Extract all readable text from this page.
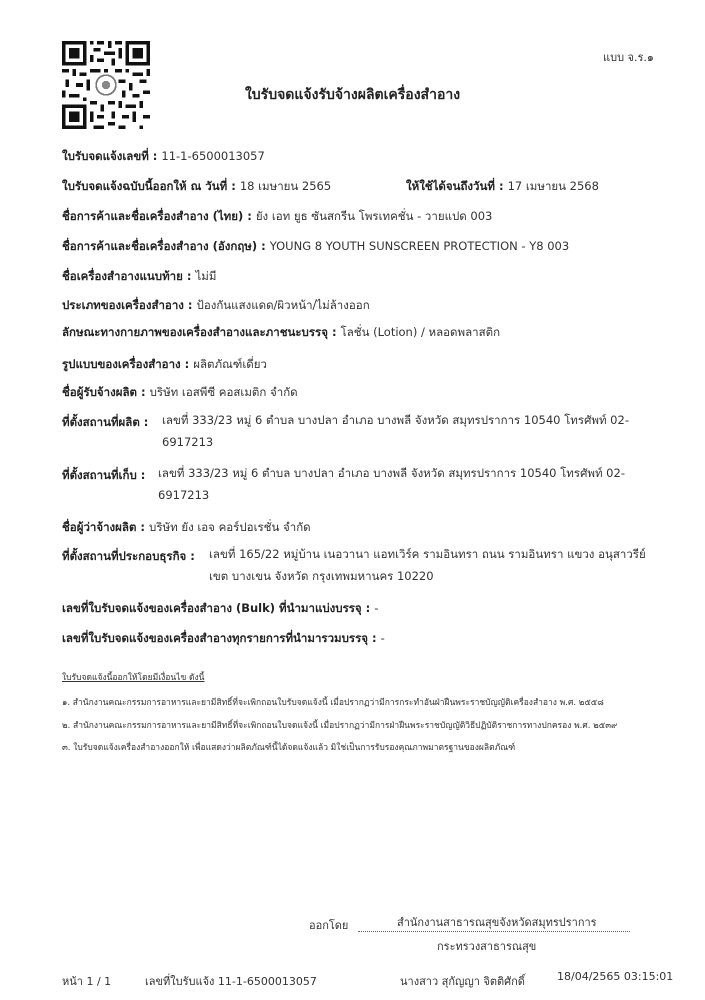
แบบ จ.ร.๑
ใบรับจดแจ้งรับจ้างผลิตเครื่องสำอาง
ใบรับจดแจ้งเลขที่ : 11-1-6500013057
ใบรับจดแจ้งฉบับนี้ออกให้ ณ วันที่ : 18 เมษายน 2565	ให้ใช้ได้จนถึงวันที่ : 17 เมษายน 2568
ชื่อการค้าและชื่อเครื่องสำอาง (ไทย) : ยัง เอท ยูธ ซันสกรีน โพรเทคชั่น - วายแปด 003
ชื่อการค้าและชื่อเครื่องสำอาง (อังกฤษ) : YOUNG 8 YOUTH SUNSCREEN PROTECTION - Y8 003
ชื่อเครื่องสำอางแนบท้าย : ไม่มี
ประเภทของเครื่องสำอาง : ป้องกันแสงแดด/ผิวหน้า/ไม่ล้างออก
ลักษณะทางกายภาพของเครื่องสำอางและภาชนะบรรจุ : โลชั่น (Lotion) / หลอดพลาสติก
รูปแบบของเครื่องสำอาง : ผลิตภัณฑ์เดี่ยว
ชื่อผู้รับจ้างผลิต : บริษัท เอสพีซี คอสเมติก จำกัด
ที่ตั้งสถานที่ผลิต : เลขที่ 333/23 หมู่ 6 ตำบล บางปลา อำเภอ บางพลี จังหวัด สมุทรปราการ 10540 โทรศัพท์ 02-6917213
ที่ตั้งสถานที่เก็บ : เลขที่ 333/23 หมู่ 6 ตำบล บางปลา อำเภอ บางพลี จังหวัด สมุทรปราการ 10540 โทรศัพท์ 02-6917213
ชื่อผู้ว่าจ้างผลิต : บริษัท ยัง เอจ คอร์ปอเรชั่น จำกัด
ที่ตั้งสถานที่ประกอบธุรกิจ : เลขที่ 165/22 หมู่บ้าน เนอวานา แอทเวิร์ค รามอินทรา ถนน รามอินทรา แขวง อนุสาวรีย์ เขต บางเขน จังหวัด กรุงเทพมหานคร 10220
เลขที่ใบรับจดแจ้งของเครื่องสำอาง (Bulk) ที่นำมาแบ่งบรรจุ : -
เลขที่ใบรับจดแจ้งของเครื่องสำอางทุกรายการที่นำมารวมบรรจุ : -
ใบรับจดแจ้งนี้ออกให้โดยมีเงื่อนไข ดังนี้
๑. สำนักงานคณะกรรมการอาหารและยามีสิทธิ์ที่จะเพิกถอนใบรับจดแจ้งนี้ เมื่อปรากฏว่ามีการกระทำอันฝ่าฝืนพระราชบัญญัติเครื่องสำอาง พ.ศ. ๒๕๕๘
๒. สำนักงานคณะกรรมการอาหารและยามีสิทธิ์ที่จะเพิกถอนใบจดแจ้งนี้ เมื่อปรากฏว่ามีการฝ่าฝืนพระราชบัญญัติวิธีปฏิบัติราชการทางปกครอง พ.ศ. ๒๕๓๙
๓. ใบรับจดแจ้งเครื่องสำอางออกให้ เพื่อแสดงว่าผลิตภัณฑ์นี้ได้จดแจ้งแล้ว มิใช่เป็นการรับรองคุณภาพมาตรฐานของผลิตภัณฑ์
ออกโดย	สำนักงานสาธารณสุขจังหวัดสมุทรปราการ
กระทรวงสาธารณสุข
หน้า 1 / 1	เลขที่ใบรับแจ้ง 11-1-6500013057	นางสาว สุกัญญา จิตติศักดิ์	18/04/2565 03:15:01
